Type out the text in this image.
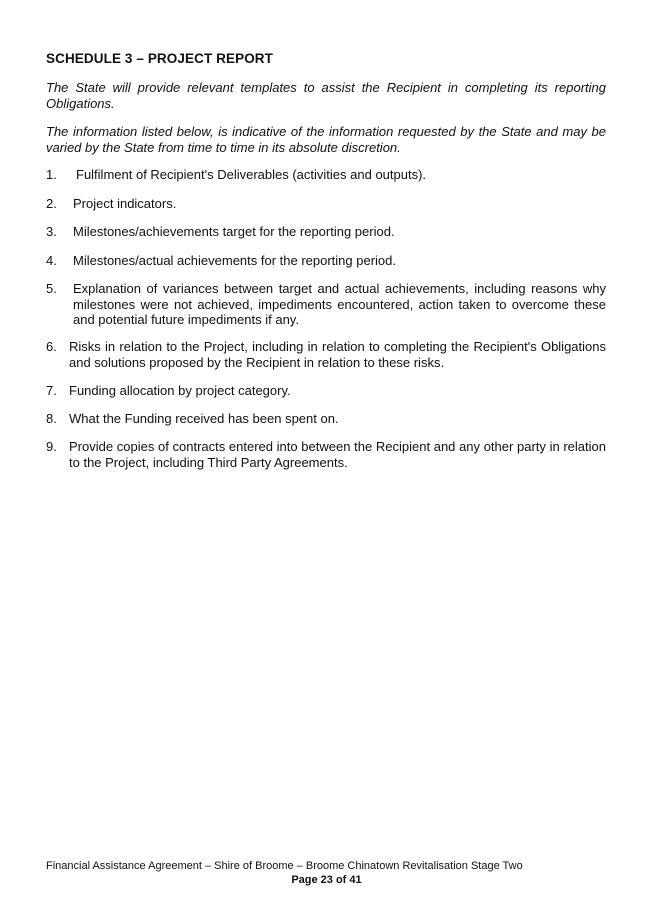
SCHEDULE 3 – PROJECT REPORT
The State will provide relevant templates to assist the Recipient in completing its reporting Obligations.
The information listed below, is indicative of the information requested by the State and may be varied by the State from time to time in its absolute discretion.
1.	Fulfilment of Recipient's Deliverables (activities and outputs).
2.	Project indicators.
3.	Milestones/achievements target for the reporting period.
4.	Milestones/actual achievements for the reporting period.
5.	Explanation of variances between target and actual achievements, including reasons why milestones were not achieved, impediments encountered, action taken to overcome these and potential future impediments if any.
6. Risks in relation to the Project, including in relation to completing the Recipient's Obligations and solutions proposed by the Recipient in relation to these risks.
7. Funding allocation by project category.
8. What the Funding received has been spent on.
9. Provide copies of contracts entered into between the Recipient and any other party in relation to the Project, including Third Party Agreements.
Financial Assistance Agreement – Shire of Broome – Broome Chinatown Revitalisation Stage Two
Page 23 of 41
